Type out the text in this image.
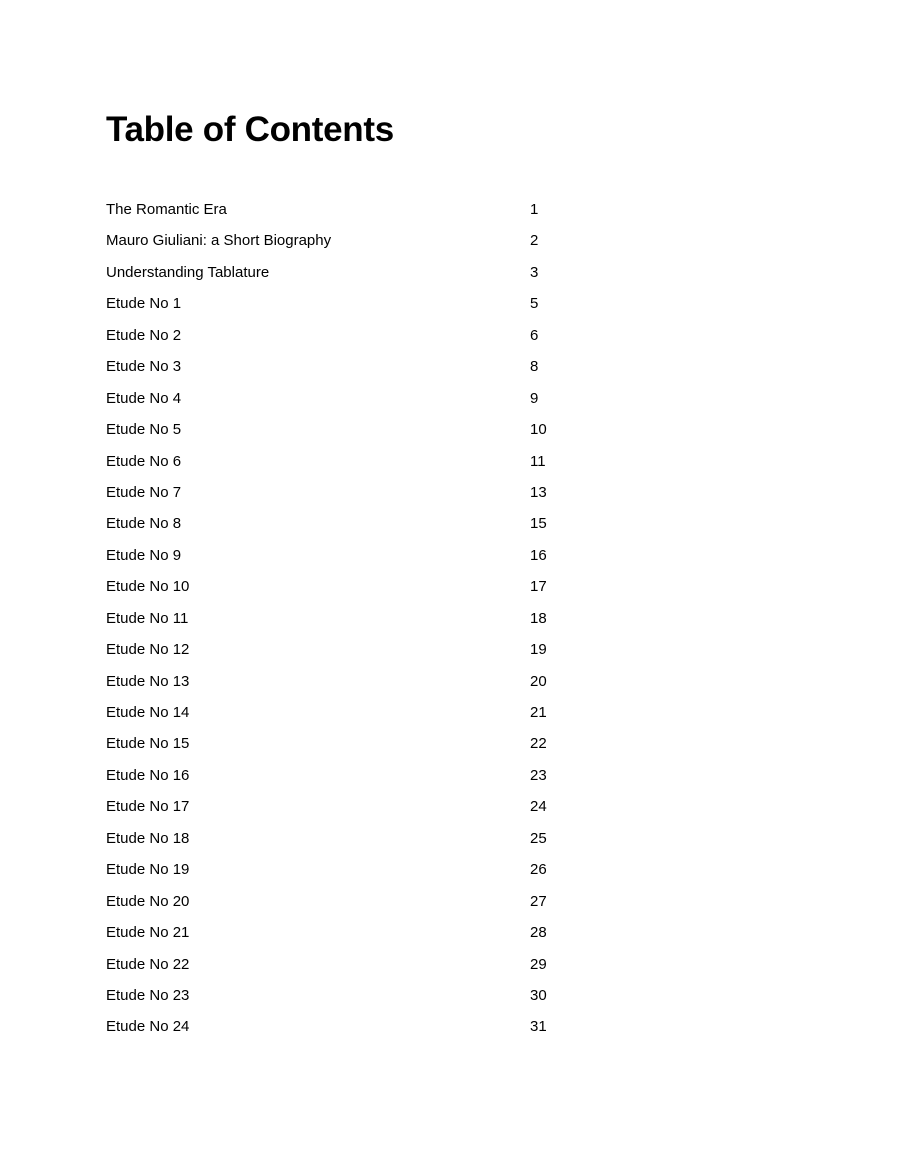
Table of Contents
The Romantic Era	1
Mauro Giuliani: a Short Biography	2
Understanding Tablature	3
Etude No 1	5
Etude No 2	6
Etude No 3	8
Etude No 4	9
Etude No 5	10
Etude No 6	11
Etude No 7	13
Etude No 8	15
Etude No 9	16
Etude No 10	17
Etude No 11	18
Etude No 12	19
Etude No 13	20
Etude No 14	21
Etude No 15	22
Etude No 16	23
Etude No 17	24
Etude No 18	25
Etude No 19	26
Etude No 20	27
Etude No 21	28
Etude No 22	29
Etude No 23	30
Etude No 24	31
